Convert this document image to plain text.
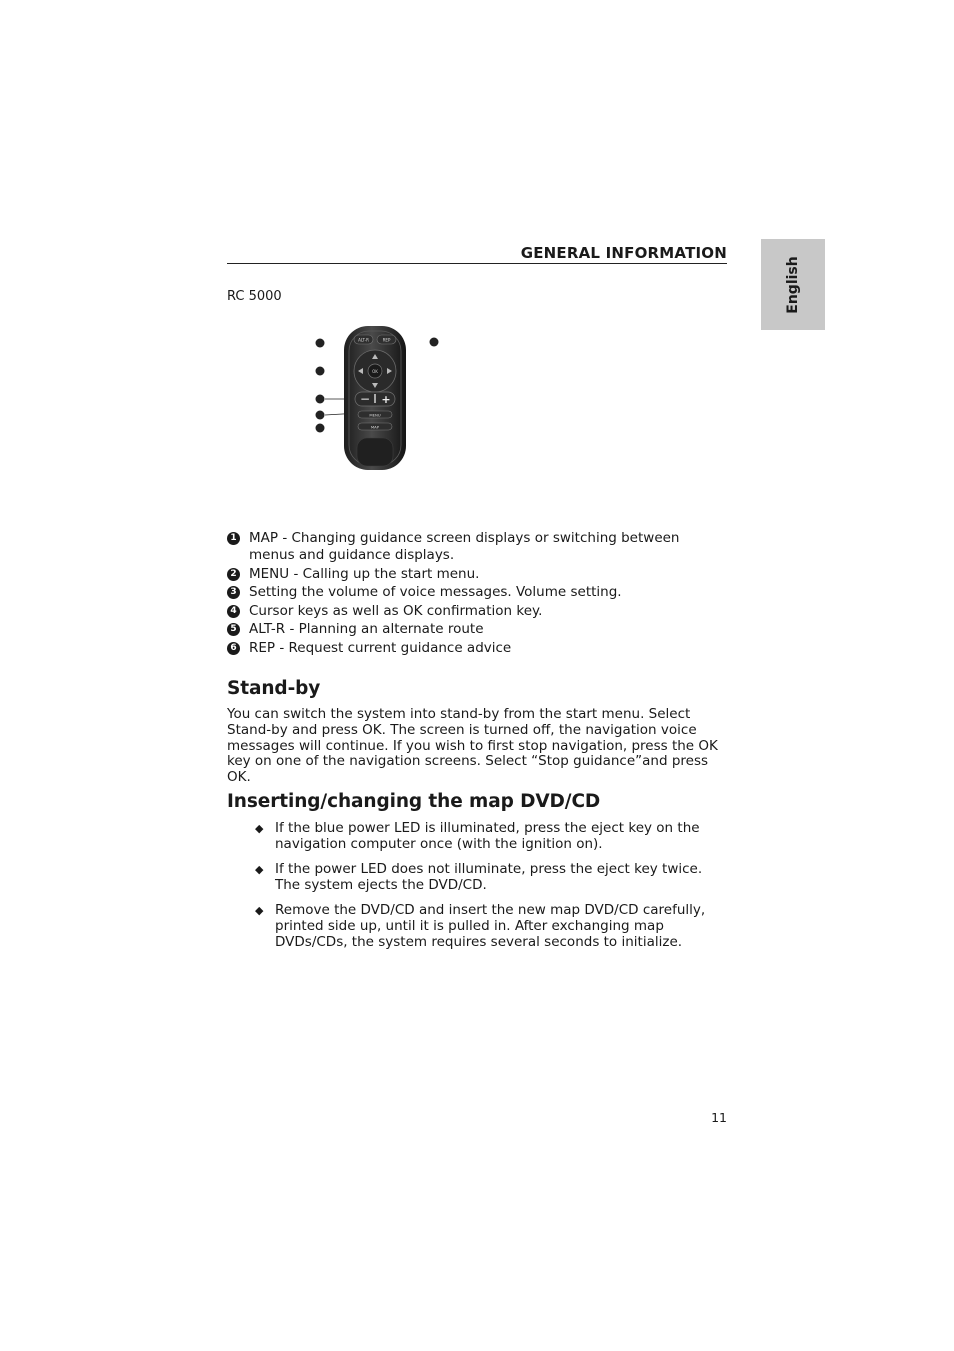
GENERAL INFORMATION
English
RC 5000
ALT-R	REP
OK
− +
MENU
MAP
1 MAP - Changing guidance screen displays or switching between menus and guidance displays.
2 MENU - Calling up the start menu.
3 Setting the volume of voice messages. Volume setting.
4 Cursor keys as well as OK confirmation key.
5 ALT-R - Planning an alternate route
6 REP - Request current guidance advice
Stand-by

You can switch the system into stand-by from the start menu. Select Stand-by and press OK. The screen is turned off, the navigation voice messages will continue. If you wish to first stop navigation, press the OK key on one of the navigation screens. Select “Stop guidance”and press OK.

Inserting/changing the map DVD/CD
◆ If the blue power LED is illuminated, press the eject key on the navigation computer once (with the ignition on).
◆ If the power LED does not illuminate, press the eject key twice. The system ejects the DVD/CD.
◆ Remove the DVD/CD and insert the new map DVD/CD carefully, printed side up, until it is pulled in. After exchanging map DVDs/CDs, the system requires several seconds to initialize.
11
